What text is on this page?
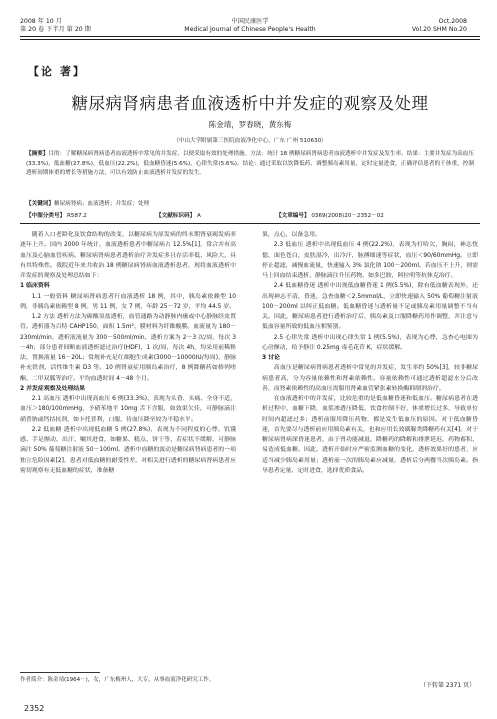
2008 年 10 月
第 20 卷 下半月 第 20 期
中国民康医学
Medical Journal of Chinese People's Health
Oct.2008
Vol.20 SHM No.20
【论 著】
糖尿病肾病患者血液透析中并发症的观察及处理
陈金靖，罗春晓，黄东梅
（中山大学附属第三医院血液净化中心，广东 广州 510630）
【摘要】目的：了解糖尿病肾病患者血液透析中常见的并发症，以便采取有效的处理措施。方法：统计 18 例糖尿病肾病患者血液透析中并发症及发生率。结果：主要并发症为高血压(33.3%)，低血糖(27.8%)，低血压(22.2%)，低血糖昏迷(5.6%)，心律失常(5.6%)。结论：通过采取以饮降低药、调整胰岛素用量，定时定量进食，正确评估患者的干体重，控制透析间期体重的增长等措施方法，可以有效防止血液透析并发症的发生。
【关键词】糖尿病肾病；血液透析；并发症；处理
【中图分类号】 R587.2	【文献标识码】 A	【文章编号】 0369(2008)20－2352－02

随着人口老龄化及饮食结构的改变，以糖尿病为原发病的终末期肾衰竭发病率逐年上升。国内 2000 年统计，血液透析患者中糖尿病占 12.5%[1]，常合并有高血压及心脑血管疾病。糖尿病肾病患者透析治疗并发症多且存活率低，风险大，具有其特殊性。我院近年来共收治 18 例糖尿病肾病血液透析患者，现将血液透析中并发症的观察及处理总结如下：

1 临床资料

1.1 一般资料 糖尿病肾病患者行血液透析 18 例，其中，胰岛素依赖型 10 例，非胰岛素依赖型 8 例。男 11 例，女 7 例，年龄 25－72 岁，平均 44.5 岁。

1.2 方法 透析方法为碳酸氢盐透析，血管通路为动静脉内瘘或中心静脉经皮置管。透析器为百特 CAHP150，面积 1.5m²，膜材料为纤維酸膜。血流量为 180－230ml/min，透析液流量为 300－500ml/min，透析方案为 2－3 次/周，每次 3－4h；部分患者间断血液透析滤过治疗(HDF)，1 次/周，每次 4h，均采用前稀释法，置换液量 16－20L；常规补充足红细胞生成素(3000－10000IU/每周)，静脉补充铁剂，活性维生素 D3 等。10 例肾衰症用胰岛素治疗，8 例降糖药如格列喹酮、二甲双胍等治疗。平均血透时间 4－48 个月。

2 并发症观察及处理结果

2.1 高血压 透析中出现高血压 6 例(33.3%)，表现为头昏、头痛、全身不适，血压＞180/100mmHg，予硝苯地平 10mg 舌下含服，如效果欠佳，可静脉滴注硝普钠或钙拮抗剂，如卡托普利，口服，待血压降至较为平稳水平。

2.2 低血糖 透析中出现低血糖 5 例(27.8%)，表现为不同程度的心悸、饥饿感、手足颤动、出汗、嘱其进食，如糖果、糕点、饼干等，若症状不缓解，可静脉滴注 50% 葡萄糖注射液 50－100ml。透析中血糖的波动是糖尿病肾病患者的一项独立危险因素[2]，患者对低血糖的耐受性差，对相关进行透析的糖尿病肾病患者应密切观察有无低血糖的症状，准备糖

果，点心，以备急用。

2.3 低血压 透析中出现低血压 4 例(22.2%)，表现为打哈欠，胸闷，神志恍惚，面色苍白，皮肤湿冷，出冷汗，脉搏细速等症状，血压＜90/60mmHg。立即停止超滤，减慢血流量，快速输入 3% 氯化钠 100－200ml。若血压不上升，则需马上回血结束透析，静脉滴注升压药物，如多巴胺，阿拉明等抗休克治疗。

2.4 低血糖昏迷 透析中出现低血糖昏迷 1 例(5.5%)，除有低血糖表现外，还出现神志不清，昏迷，急查血糖＜2.5mmol/L，立即快速输入 50% 葡萄糖注射液 100－200ml 以纠正低血糖。低血糖昏迷与透析量不足或胰岛素用量调整不当有关。因此，糖尿病患者进行透析治疗后，胰岛素及口服降糖药用作调整，并注意与低血容量所致的低血压相鉴别。

2.5 心律失常 透析中出现心律失常 1 例(5.5%)，表现为心悸，急查心电图为心房颤动，给予静注 0.25mg 毒毛花苷 K，症状缓解。

3 讨论

高血压是糖尿病肾病患者透析中常见的并发症，发生率约 50%[3]，较非糖尿病患者高，分为容量依赖性和肾素依赖性。容量依赖性可通过透析超滤水分后改善，而肾素依赖性的高血压需服用肾素血管紧张素转换酶抑制剂治疗。

在血液透析中的并发症，比较危重的是低血糖昏迷和低血压。糖尿病患者在透析过程中，血糖下降，血浆渗透压降低，饮食控制不好，体重增长过多，导致单位时间内超滤过多；透析前服用降压药物，都是发生低血压的原因。对于低血糖昏迷，首先要尽与透析前应用胰岛素有关，也和应用长效磺脲类降糖药有关[4]。对于糖尿病肾病深昏迷患者，由于肾功能减退，降糖药的降解和排泄延迟，药物蓄积，易造成低血糖。因此，透析开始时应严密监测血糖的变化，透析效果好的患者，应适当减少胰岛素用量；透析前一次的胰岛素应减量，透析后分两餐当次胰岛素。指导患者定量、定时进食，选择优质食品。

（下转第 2371 页）
作者简介：陈金靖(1964－)，女，广东梅州人，大专，从事血液净化研究工作。
2352
